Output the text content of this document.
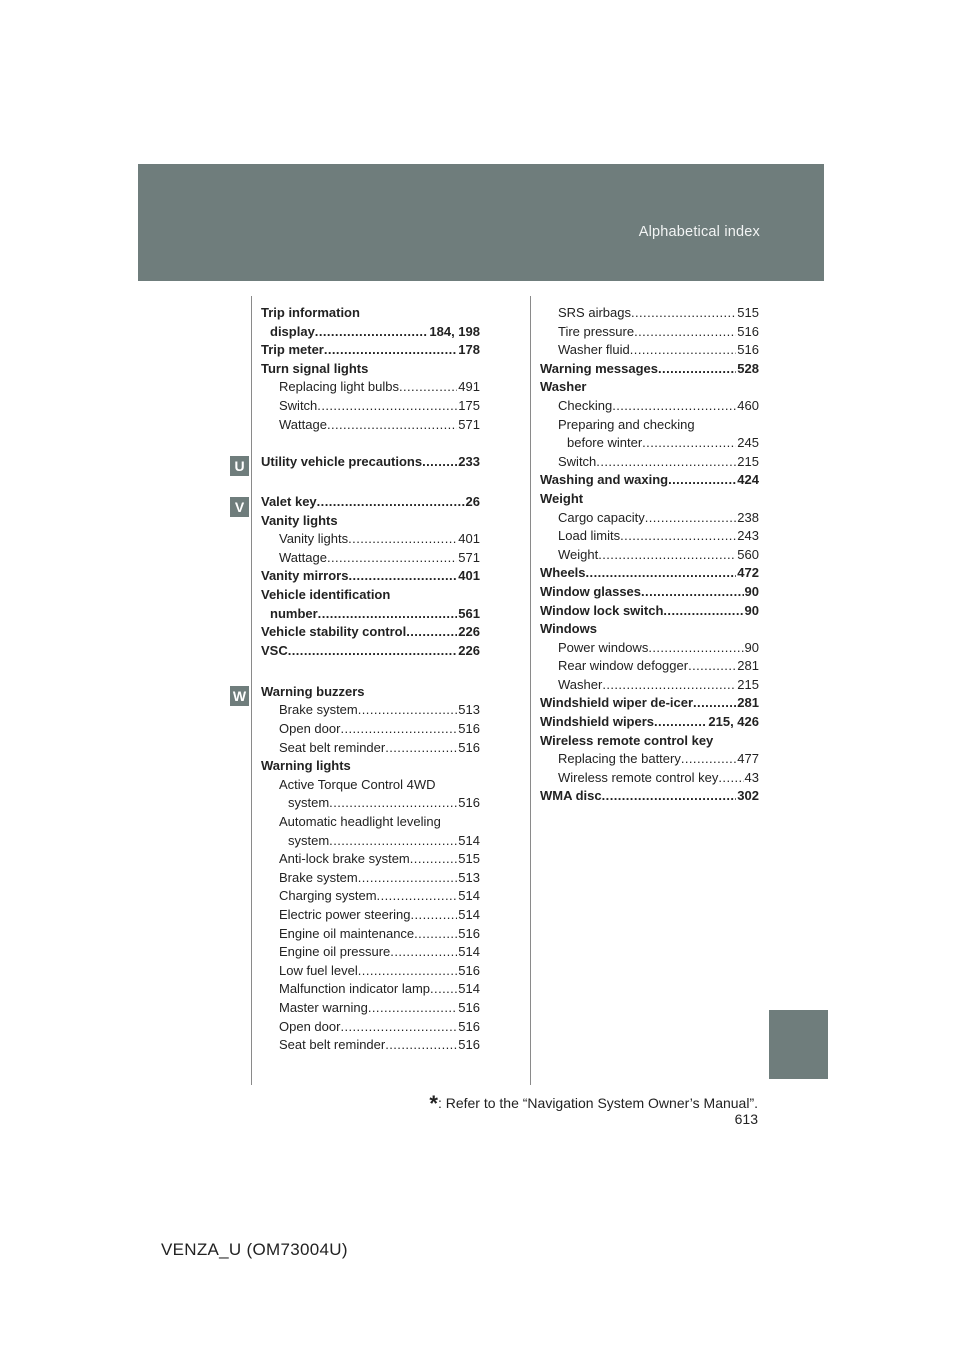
Alphabetical index
U
V
W
Trip information
display . . .	184, 198
Trip meter . . .	178
Turn signal lights
Replacing light bulbs . . .	491
Switch . . .	175
Wattage . . .	571
Utility vehicle precautions . . .	233
Valet key . . .	26
Vanity lights
Vanity lights . . .	401
Wattage . . .	571
Vanity mirrors . . .	401
Vehicle identification
number . . .	561
Vehicle stability control . . .	226
VSC . . .	226
Warning buzzers
Brake system . . .	513
Open door . . .	516
Seat belt reminder . . .	516
Warning lights
Active Torque Control 4WD
system . . .	516
Automatic headlight leveling
system . . .	514
Anti-lock brake system . . .	515
Brake system . . .	513
Charging system . . .	514
Electric power steering . . .	514
Engine oil maintenance . . .	516
Engine oil pressure . . .	514
Low fuel level . . .	516
Malfunction indicator lamp . . . 514
Master warning . . .	516
Open door . . .	516
Seat belt reminder . . .	516
SRS airbags . . .	515
Tire pressure . . .	516
Washer fluid . . .	516
Warning messages . . .	528
Washer
Checking . . .	460
Preparing and checking
before winter . . .	245
Switch . . .	215
Washing and waxing . . .	424
Weight
Cargo capacity . . .	238
Load limits . . .	243
Weight . . .	560
Wheels . . .	472
Window glasses . . .	90
Window lock switch . . .	90
Windows
Power windows . . .	90
Rear window defogger . . .	281
Washer . . .	215
Windshield wiper de-icer . . .	281
Windshield wipers . . .	215, 426
Wireless remote control key
Replacing the battery . . .	477
Wireless remote control key . . . 43
WMA disc . . .	302
*: Refer to the “Navigation System Owner’s Manual”.
613
VENZA_U (OM73004U)
